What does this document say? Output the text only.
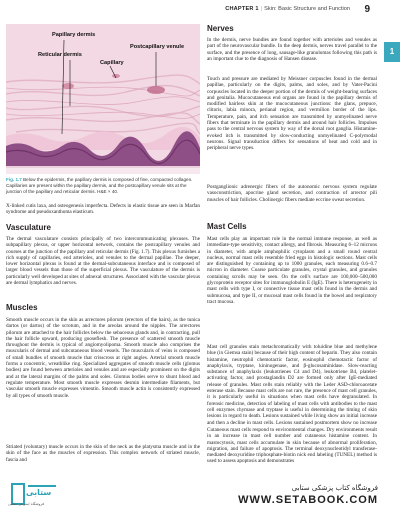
CHAPTER 1 | Skin: Basic Structure and Function 9
1
Papillary dermis
Reticular dermis
Capillary
Postcapillary venule
Fig. 1.7 Below the epidermis, the papillary dermis is composed of fine, compacted collagen. Capillaries are present within the papillary dermis, and the postcapillary venule sits at the junction of the papillary and reticular dermis. H&E × 40.
X-linked cutis laxa, and osteogenesis imperfecta. Defects in elastic tissue are seen in Marfan syndrome and pseudoxanthoma elasticum.
Vasculature
The dermal vasculature consists principally of two intercommunicating plexuses. The subpapillary plexus, or upper horizontal network, contains the postcapillary venules and courses at the junction of the papillary and reticular dermis (Fig. 1.7). This plexus furnishes a rich supply of capillaries, end arterioles, and venules to the dermal papillae. The deeper, lower horizontal plexus is found at the dermal-subcutaneous interface and is composed of larger blood vessels than those of the superficial plexus. The vasculature of the dermis is particularly well developed at sites of adnexal structures. Associated with the vascular plexus are dermal lymphatics and nerves.
Muscles
Smooth muscle occurs in the skin as arrectores pilorum (erectors of the hairs), as the tunica dartos (or dartos) of the scrotum, and in the areolas around the nipples. The arrectores pilorum are attached to the hair follicles below the sebaceous glands and, in contracting, pull the hair follicle upward, producing gooseflesh. The presence of scattered smooth muscle throughout the dermis is typical of angiomyolipoma. Smooth muscle also comprises the muscularis of dermal and subcutaneous blood vessels. The muscularis of veins is composed of small bundles of smooth muscle that crisscross at right angles. Arterial smooth muscle forms a concentric, wreathlike ring. Specialized aggregates of smooth muscle cells (glomus bodies) are found between arterioles and venules and are especially prominent on the digits and at the lateral margins of the palms and soles. Glomus bodies serve to shunt blood and regulate temperature. Most smooth muscle expresses desmin intermediate filaments, but vascular smooth muscle expresses vimentin. Smooth muscle actin is consistently expressed by all types of smooth muscle.
Striated (voluntary) muscle occurs in the skin of the neck as the platysma muscle and in the skin of the face as the muscles of expression. This complex network of striated muscle, fascia and
Nerves
In the dermis, nerve bundles are found together with arterioles and venules as part of the neurovascular bundle. In the deep dermis, nerves travel parallel to the surface, and the presence of long, sausage-like granulomas following this path is an important clue to the diagnosis of Hansen disease.
Touch and pressure are mediated by Meissner corpuscles found in the dermal papillae, particularly on the digits, palms, and soles, and by Vater-Pacini corpuscles located in the deeper portion of the dermis of weight-bearing surfaces and genitalia. Mucocutaneous end organs are found in the papillary dermis of modified hairless skin at the mucocutaneous junctions: the glans, prepuce, clitoris, labia minora, perianal region, and vermilion border of the lips. Temperature, pain, and itch sensation are transmitted by unmyelinated nerve fibers that terminate in the papillary dermis and around hair follicles. Impulses pass to the central nervous system by way of the dorsal root ganglia. Histamine-evoked itch is transmitted by slow-conducting unmyelinated C-polymodal neurons. Signal transduction differs for sensations of heat and cold and in peripheral nerve types.
Postganglionic adrenergic fibers of the autonomic nervous system regulate vasoconstriction, apocrine gland secretion, and contraction of arrector pili muscles of hair follicles. Cholinergic fibers mediate eccrine sweat secretion.
Mast Cells
Mast cells play an important role in the normal immune response, as well as immediate-type sensitivity, contact allergy, and fibrosis. Measuring 6–12 microns in diameter, with ample amphophilic cytoplasm and a small round central nucleus, normal mast cells resemble fried eggs in histologic sections. Mast cells are distinguished by containing up to 1000 granules, each measuring 0.6–0.7 micron in diameter. Coarse particulate granules, crystal granules, and granules containing scrolls may be seen. On the cell's surface are 100,000–500,000 glycoprotein receptor sites for immunoglobulin E (IgE). There is heterogeneity in mast cells with type I, or connective tissue mast cells found in the dermis and submucosa, and type II, or mucosal mast cells found in the bowel and respiratory tract mucosa.
Mast cell granules stain metachromatically with toluidine blue and methylene blue (in Giemsa stain) because of their high content of heparin. They also contain histamine, neutrophil chemotactic factor, eosinophil chemotactic factor of anaphylaxis, tryptase, kininogenase, and β-glucosaminidase. Slow-reacting substance of anaphylaxis (leukotrienes C4 and D4), leukotriene B4, platelet-activating factor, and prostaglandin D2 are formed only after IgE-mediated release of granules. Mast cells stain reliably with the Leder ASD-chloroacetate esterase stain. Because mast cells are not rare, the presence of mast cell granules, it is particularly useful in situations when mast cells have degranulated. In forensic medicine, detection of labeling of mast cells with antibodies to the mast cell enzymes chymase and tryptase is useful in determining the timing of skin lesions in regard to death. Lesions sustained while living show an initial increase and then a decline in mast cells. Lesions sustained postmortem show no increase
Cutaneous mast cells respond to environmental changes. Dry environments result in an increase in mast cell number and cutaneous histamine content. In mastocytosis, mast cells accumulate in skin because of abnormal proliferation, migration, and failure of apoptosis. The terminal deoxynucleotidyl transferase-mediated deoxyuridine triphosphate-biotin nick end labeling (TUNEL) method is used to assess apoptosis and demonstrates
ستابی
فروشگاه اینترنتی ستابی
فروشگاه کتاب پزشکی ستابی
WWW.SETABOOK.COM
